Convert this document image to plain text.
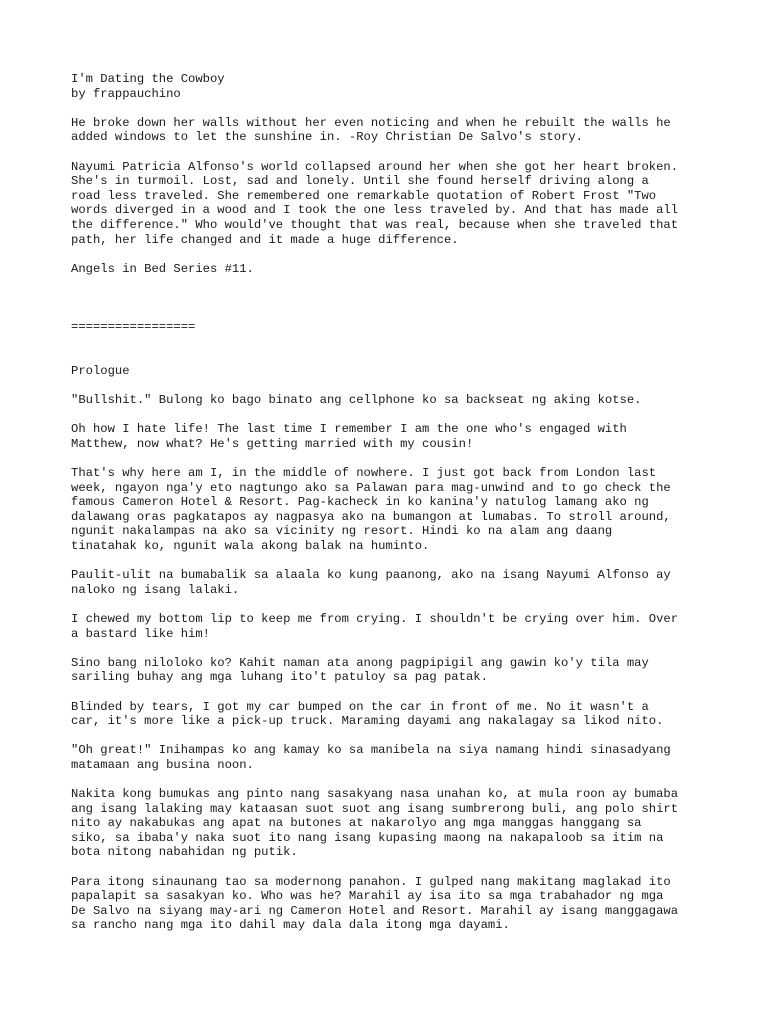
I'm Dating the Cowboy
by frappauchino
He broke down her walls without her even noticing and when he rebuilt the walls he
added windows to let the sunshine in. -Roy Christian De Salvo's story.
Nayumi Patricia Alfonso's world collapsed around her when she got her heart broken.
She's in turmoil. Lost, sad and lonely. Until she found herself driving along a
road less traveled. She remembered one remarkable quotation of Robert Frost "Two
words diverged in a wood and I took the one less traveled by. And that has made all
the difference." Who would've thought that was real, because when she traveled that
path, her life changed and it made a huge difference.
Angels in Bed Series #11.
=================
Prologue
"Bullshit." Bulong ko bago binato ang cellphone ko sa backseat ng aking kotse.
Oh how I hate life! The last time I remember I am the one who's engaged with
Matthew, now what? He's getting married with my cousin!
That's why here am I, in the middle of nowhere. I just got back from London last
week, ngayon nga'y eto nagtungo ako sa Palawan para mag-unwind and to go check the
famous Cameron Hotel & Resort. Pag-kacheck in ko kanina'y natulog lamang ako ng
dalawang oras pagkatapos ay nagpasya ako na bumangon at lumabas. To stroll around,
ngunit nakalampas na ako sa vicinity ng resort. Hindi ko na alam ang daang
tinatahak ko, ngunit wala akong balak na huminto.
Paulit-ulit na bumabalik sa alaala ko kung paanong, ako na isang Nayumi Alfonso ay
naloko ng isang lalaki.
I chewed my bottom lip to keep me from crying. I shouldn't be crying over him. Over
a bastard like him!
Sino bang niloloko ko? Kahit naman ata anong pagpipigil ang gawin ko'y tila may
sariling buhay ang mga luhang ito't patuloy sa pag patak.
Blinded by tears, I got my car bumped on the car in front of me. No it wasn't a
car, it's more like a pick-up truck. Maraming dayami ang nakalagay sa likod nito.
"Oh great!" Inihampas ko ang kamay ko sa manibela na siya namang hindi sinasadyang
matamaan ang busina noon.
Nakita kong bumukas ang pinto nang sasakyang nasa unahan ko, at mula roon ay bumaba
ang isang lalaking may kataasan suot suot ang isang sumbrerong buli, ang polo shirt
nito ay nakabukas ang apat na butones at nakarolyo ang mga manggas hanggang sa
siko, sa ibaba'y naka suot ito nang isang kupasing maong na nakapaloob sa itim na
bota nitong nabahidan ng putik.
Para itong sinaunang tao sa modernong panahon. I gulped nang makitang maglakad ito
papalapit sa sasakyan ko. Who was he? Marahil ay isa ito sa mga trabahador ng mga
De Salvo na siyang may-ari ng Cameron Hotel and Resort. Marahil ay isang manggagawa
sa rancho nang mga ito dahil may dala dala itong mga dayami.
